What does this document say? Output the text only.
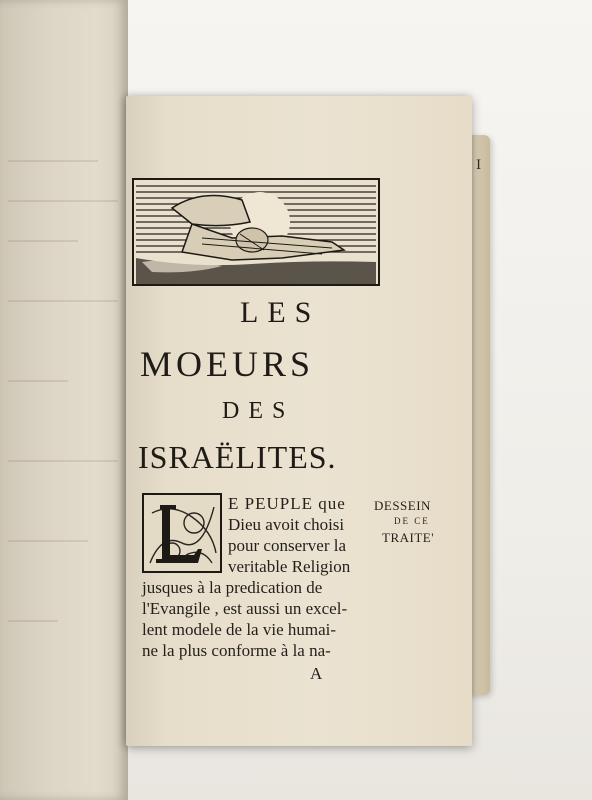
I
LES
MOEURS
DES
ISRAËLITES.
E PEUPLE que
Dieu avoit choisi
pour conserver la
veritable Religion
jusques à la predication de
l'Evangile , est aussi un excel-
lent modele de la vie humai-
ne la plus conforme à la na-
A
DESSEIN
DE CE
TRAITE'
